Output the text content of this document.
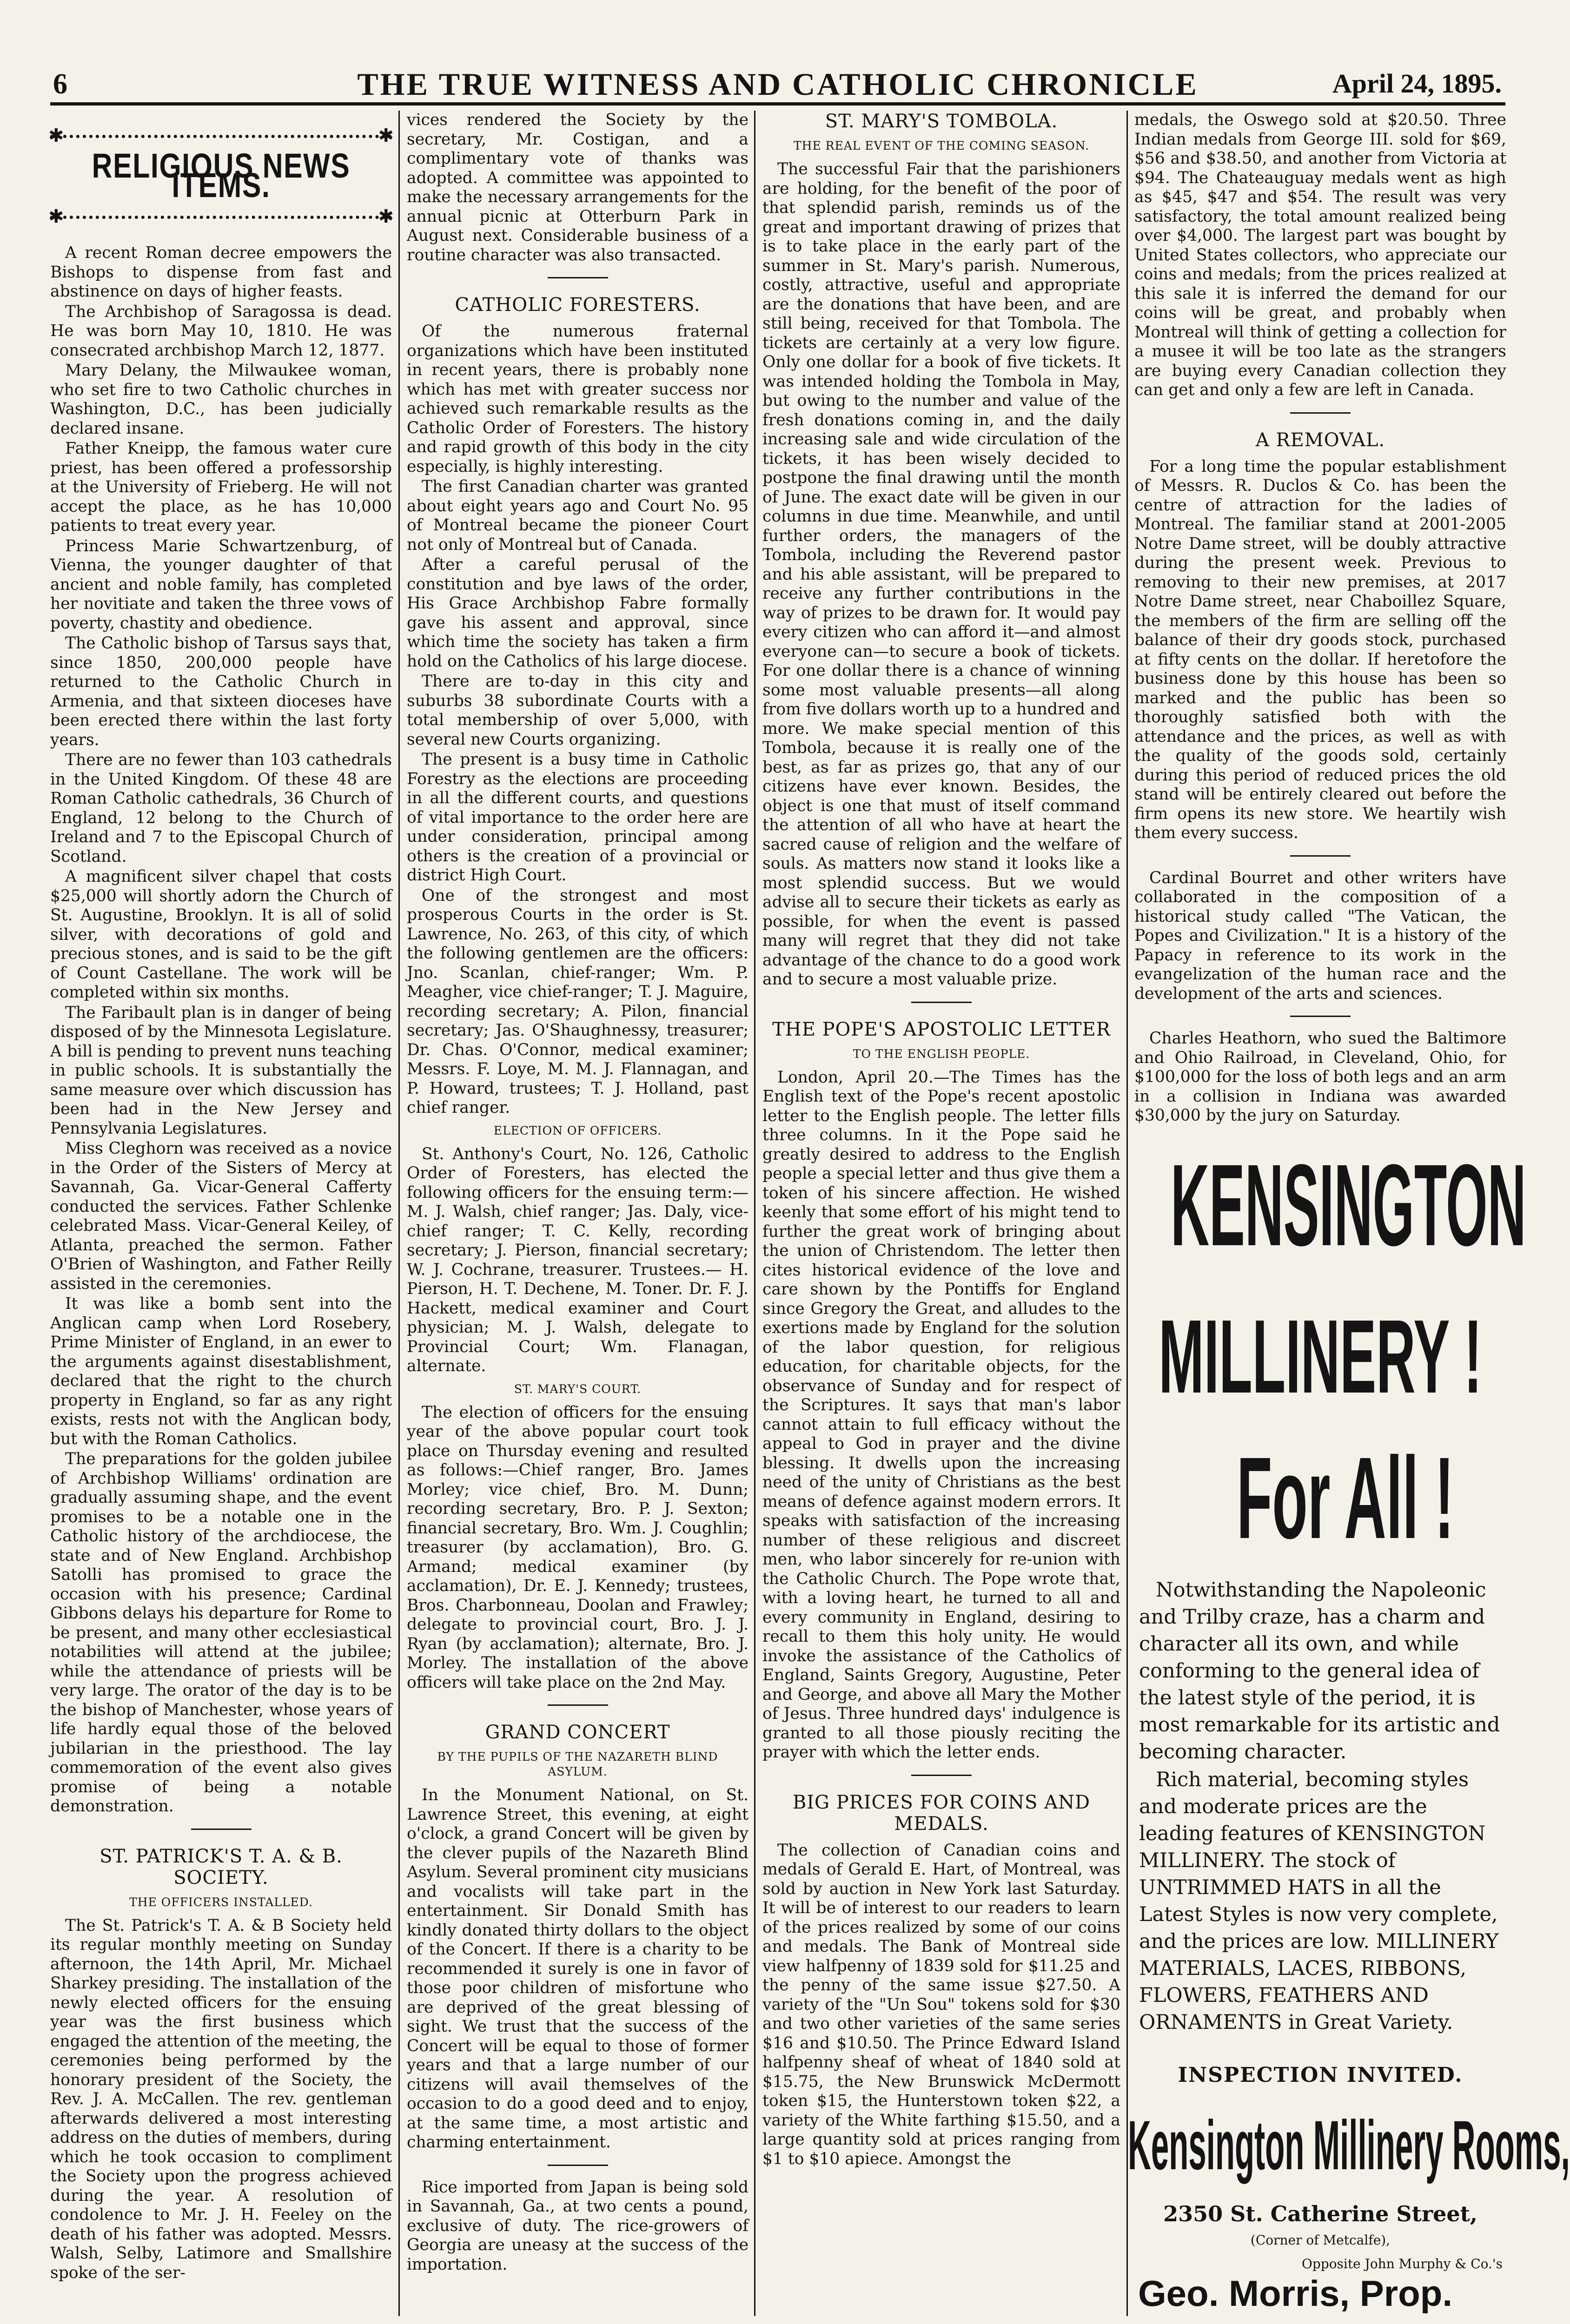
6	THE TRUE WITNESS AND CATHOLIC CHRONICLE	April 24, 1895.
✱	✱
✱	✱
RELIGIOUS NEWS ITEMS.

A recent Roman decree empowers the Bishops to dispense from fast and abstinence on days of higher feasts.

The Archbishop of Saragossa is dead. He was born May 10, 1810. He was consecrated archbishop March 12, 1877.

Mary Delany, the Milwaukee woman, who set fire to two Catholic churches in Washington, D.C., has been judicially declared insane.

Father Kneipp, the famous water cure priest, has been offered a professorship at the University of Frieberg. He will not accept the place, as he has 10,000 patients to treat every year.

Princess Marie Schwartzenburg, of Vienna, the younger daughter of that ancient and noble family, has completed her novitiate and taken the three vows of poverty, chastity and obedience.

The Catholic bishop of Tarsus says that, since 1850, 200,000 people have returned to the Catholic Church in Armenia, and that sixteen dioceses have been erected there within the last forty years.

There are no fewer than 103 cathedrals in the United Kingdom. Of these 48 are Roman Catholic cathedrals, 36 Church of England, 12 belong to the Church of Ireland and 7 to the Episcopal Church of Scotland.

A magnificent silver chapel that costs $25,000 will shortly adorn the Church of St. Augustine, Brooklyn. It is all of solid silver, with decorations of gold and precious stones, and is said to be the gift of Count Castellane. The work will be completed within six months.

The Faribault plan is in danger of being disposed of by the Minnesota Legislature. A bill is pending to prevent nuns teaching in public schools. It is substantially the same measure over which discussion has been had in the New Jersey and Pennsylvania Legislatures.

Miss Cleghorn was received as a novice in the Order of the Sisters of Mercy at Savannah, Ga. Vicar-General Cafferty conducted the services. Father Schlenke celebrated Mass. Vicar-General Keiley, of Atlanta, preached the sermon. Father O'Brien of Washington, and Father Reilly assisted in the ceremonies.

It was like a bomb sent into the Anglican camp when Lord Rosebery, Prime Minister of England, in an ewer to the arguments against disestablishment, declared that the right to the church property in England, so far as any right exists, rests not with the Anglican body, but with the Roman Catholics.

The preparations for the golden jubilee of Archbishop Williams' ordination are gradually assuming shape, and the event promises to be a notable one in the Catholic history of the archdiocese, the state and of New England. Archbishop Satolli has promised to grace the occasion with his presence; Cardinal Gibbons delays his departure for Rome to be present, and many other ecclesiastical notabilities will attend at the jubilee; while the attendance of priests will be very large. The orator of the day is to be the bishop of Manchester, whose years of life hardly equal those of the beloved jubilarian in the priesthood. The lay commemoration of the event also gives promise of being a notable demonstration.

ST. PATRICK'S T. A. & B. SOCIETY.
THE OFFICERS INSTALLED.

The St. Patrick's T. A. & B Society held its regular monthly meeting on Sunday afternoon, the 14th April, Mr. Michael Sharkey presiding. The installation of the newly elected officers for the ensuing year was the first business which engaged the attention of the meeting, the ceremonies being performed by the honorary president of the Society, the Rev. J. A. McCallen. The rev. gentleman afterwards delivered a most interesting address on the duties of members, during which he took occasion to compliment the Society upon the progress achieved during the year. A resolution of condolence to Mr. J. H. Feeley on the death of his father was adopted. Messrs. Walsh, Selby, Latimore and Smallshire spoke of the ser-

vices rendered the Society by the secretary, Mr. Costigan, and a complimentary vote of thanks was adopted. A committee was appointed to make the necessary arrangements for the annual picnic at Otterburn Park in August next. Considerable business of a routine character was also transacted.

CATHOLIC FORESTERS.

Of the numerous fraternal organizations which have been instituted in recent years, there is probably none which has met with greater success nor achieved such remarkable results as the Catholic Order of Foresters. The history and rapid growth of this body in the city especially, is highly interesting.

The first Canadian charter was granted about eight years ago and Court No. 95 of Montreal became the pioneer Court not only of Montreal but of Canada.

After a careful perusal of the constitution and bye laws of the order, His Grace Archbishop Fabre formally gave his assent and approval, since which time the society has taken a firm hold on the Catholics of his large diocese.

There are to-day in this city and suburbs 38 subordinate Courts with a total membership of over 5,000, with several new Courts organizing.

The present is a busy time in Catholic Forestry as the elections are proceeding in all the different courts, and questions of vital importance to the order here are under consideration, principal among others is the creation of a provincial or district High Court.

One of the strongest and most prosperous Courts in the order is St. Lawrence, No. 263, of this city, of which the following gentlemen are the officers: Jno. Scanlan, chief-ranger; Wm. P. Meagher, vice chief-ranger; T. J. Maguire, recording secretary; A. Pilon, financial secretary; Jas. O'Shaughnessy, treasurer; Dr. Chas. O'Connor, medical examiner; Messrs. F. Loye, M. M. J. Flannagan, and P. Howard, trustees; T. J. Holland, past chief ranger.

ELECTION OF OFFICERS.

St. Anthony's Court, No. 126, Catholic Order of Foresters, has elected the following officers for the ensuing term:— M. J. Walsh, chief ranger; Jas. Daly, vice-chief ranger; T. C. Kelly, recording secretary; J. Pierson, financial secretary; W. J. Cochrane, treasurer. Trustees.— H. Pierson, H. T. Dechene, M. Toner. Dr. F. J. Hackett, medical examiner and Court physician; M. J. Walsh, delegate to Provincial Court; Wm. Flanagan, alternate.

ST. MARY'S COURT.

The election of officers for the ensuing year of the above popular court took place on Thursday evening and resulted as follows:—Chief ranger, Bro. James Morley; vice chief, Bro. M. Dunn; recording secretary, Bro. P. J. Sexton; financial secretary, Bro. Wm. J. Coughlin; treasurer (by acclamation), Bro. G. Armand; medical examiner (by acclamation), Dr. E. J. Kennedy; trustees, Bros. Charbonneau, Doolan and Frawley; delegate to provincial court, Bro. J. J. Ryan (by acclamation); alternate, Bro. J. Morley. The installation of the above officers will take place on the 2nd May.

GRAND CONCERT
BY THE PUPILS OF THE NAZARETH BLIND ASYLUM.

In the Monument National, on St. Lawrence Street, this evening, at eight o'clock, a grand Concert will be given by the clever pupils of the Nazareth Blind Asylum. Several prominent city musicians and vocalists will take part in the entertainment. Sir Donald Smith has kindly donated thirty dollars to the object of the Concert. If there is a charity to be recommended it surely is one in favor of those poor children of misfortune who are deprived of the great blessing of sight. We trust that the success of the Concert will be equal to those of former years and that a large number of our citizens will avail themselves of the occasion to do a good deed and to enjoy, at the same time, a most artistic and charming entertainment.

Rice imported from Japan is being sold in Savannah, Ga., at two cents a pound, exclusive of duty. The rice-growers of Georgia are uneasy at the success of the importation.

ST. MARY'S TOMBOLA.
THE REAL EVENT OF THE COMING SEASON.

The successful Fair that the parishioners are holding, for the benefit of the poor of that splendid parish, reminds us of the great and important drawing of prizes that is to take place in the early part of the summer in St. Mary's parish. Numerous, costly, attractive, useful and appropriate are the donations that have been, and are still being, received for that Tombola. The tickets are certainly at a very low figure. Only one dollar for a book of five tickets. It was intended holding the Tombola in May, but owing to the number and value of the fresh donations coming in, and the daily increasing sale and wide circulation of the tickets, it has been wisely decided to postpone the final drawing until the month of June. The exact date will be given in our columns in due time. Meanwhile, and until further orders, the managers of the Tombola, including the Reverend pastor and his able assistant, will be prepared to receive any further contributions in the way of prizes to be drawn for. It would pay every citizen who can afford it—and almost everyone can—to secure a book of tickets. For one dollar there is a chance of winning some most valuable presents—all along from five dollars worth up to a hundred and more. We make special mention of this Tombola, because it is really one of the best, as far as prizes go, that any of our citizens have ever known. Besides, the object is one that must of itself command the attention of all who have at heart the sacred cause of religion and the welfare of souls. As matters now stand it looks like a most splendid success. But we would advise all to secure their tickets as early as possible, for when the event is passed many will regret that they did not take advantage of the chance to do a good work and to secure a most valuable prize.

THE POPE'S APOSTOLIC LETTER
TO THE ENGLISH PEOPLE.

London, April 20.—The Times has the English text of the Pope's recent apostolic letter to the English people. The letter fills three columns. In it the Pope said he greatly desired to address to the English people a special letter and thus give them a token of his sincere affection. He wished keenly that some effort of his might tend to further the great work of bringing about the union of Christendom. The letter then cites historical evidence of the love and care shown by the Pontiffs for England since Gregory the Great, and alludes to the exertions made by England for the solution of the labor question, for religious education, for charitable objects, for the observance of Sunday and for respect of the Scriptures. It says that man's labor cannot attain to full efficacy without the appeal to God in prayer and the divine blessing. It dwells upon the increasing need of the unity of Christians as the best means of defence against modern errors. It speaks with satisfaction of the increasing number of these religious and discreet men, who labor sincerely for re-union with the Catholic Church. The Pope wrote that, with a loving heart, he turned to all and every community in England, desiring to recall to them this holy unity. He would invoke the assistance of the Catholics of England, Saints Gregory, Augustine, Peter and George, and above all Mary the Mother of Jesus. Three hundred days' indulgence is granted to all those piously reciting the prayer with which the letter ends.

BIG PRICES FOR COINS AND MEDALS.

The collection of Canadian coins and medals of Gerald E. Hart, of Montreal, was sold by auction in New York last Saturday. It will be of interest to our readers to learn of the prices realized by some of our coins and medals. The Bank of Montreal side view halfpenny of 1839 sold for $11.25 and the penny of the same issue $27.50. A variety of the "Un Sou" tokens sold for $30 and two other varieties of the same series $16 and $10.50. The Prince Edward Island halfpenny sheaf of wheat of 1840 sold at $15.75, the New Brunswick McDermott token $15, the Hunterstown token $22, a variety of the White farthing $15.50, and a large quantity sold at prices ranging from $1 to $10 apiece. Amongst the

medals, the Oswego sold at $20.50. Three Indian medals from George III. sold for $69, $56 and $38.50, and another from Victoria at $94. The Chateauguay medals went as high as $45, $47 and $54. The result was very satisfactory, the total amount realized being over $4,000. The largest part was bought by United States collectors, who appreciate our coins and medals; from the prices realized at this sale it is inferred the demand for our coins will be great, and probably when Montreal will think of getting a collection for a musee it will be too late as the strangers are buying every Canadian collection they can get and only a few are left in Canada.

A REMOVAL.

For a long time the popular establishment of Messrs. R. Duclos & Co. has been the centre of attraction for the ladies of Montreal. The familiar stand at 2001-2005 Notre Dame street, will be doubly attractive during the present week. Previous to removing to their new premises, at 2017 Notre Dame street, near Chaboillez Square, the members of the firm are selling off the balance of their dry goods stock, purchased at fifty cents on the dollar. If heretofore the business done by this house has been so marked and the public has been so thoroughly satisfied both with the attendance and the prices, as well as with the quality of the goods sold, certainly during this period of reduced prices the old stand will be entirely cleared out before the firm opens its new store. We heartily wish them every success.

Cardinal Bourret and other writers have collaborated in the composition of a historical study called "The Vatican, the Popes and Civilization." It is a history of the Papacy in reference to its work in the evangelization of the human race and the development of the arts and sciences.

Charles Heathorn, who sued the Baltimore and Ohio Railroad, in Cleveland, Ohio, for $100,000 for the loss of both legs and an arm in a collision in Indiana was awarded $30,000 by the jury on Saturday.

KENSINGTON
MILLINERY !
For All !

Notwithstanding the Napoleonic and Trilby craze, has a charm and character all its own, and while conforming to the general idea of the latest style of the period, it is most remarkable for its artistic and becoming character.

Rich material, becoming styles and moderate prices are the leading features of KENSINGTON MILLINERY. The stock of UNTRIMMED HATS in all the Latest Styles is now very complete, and the prices are low. MILLINERY MATERIALS, LACES, RIBBONS, FLOWERS, FEATHERS AND ORNAMENTS in Great Variety.

INSPECTION INVITED.
Kensington Millinery Rooms,
2350 St. Catherine Street,
(Corner of Metcalfe),
Opposite John Murphy & Co.'s
Geo. Morris, Prop.
